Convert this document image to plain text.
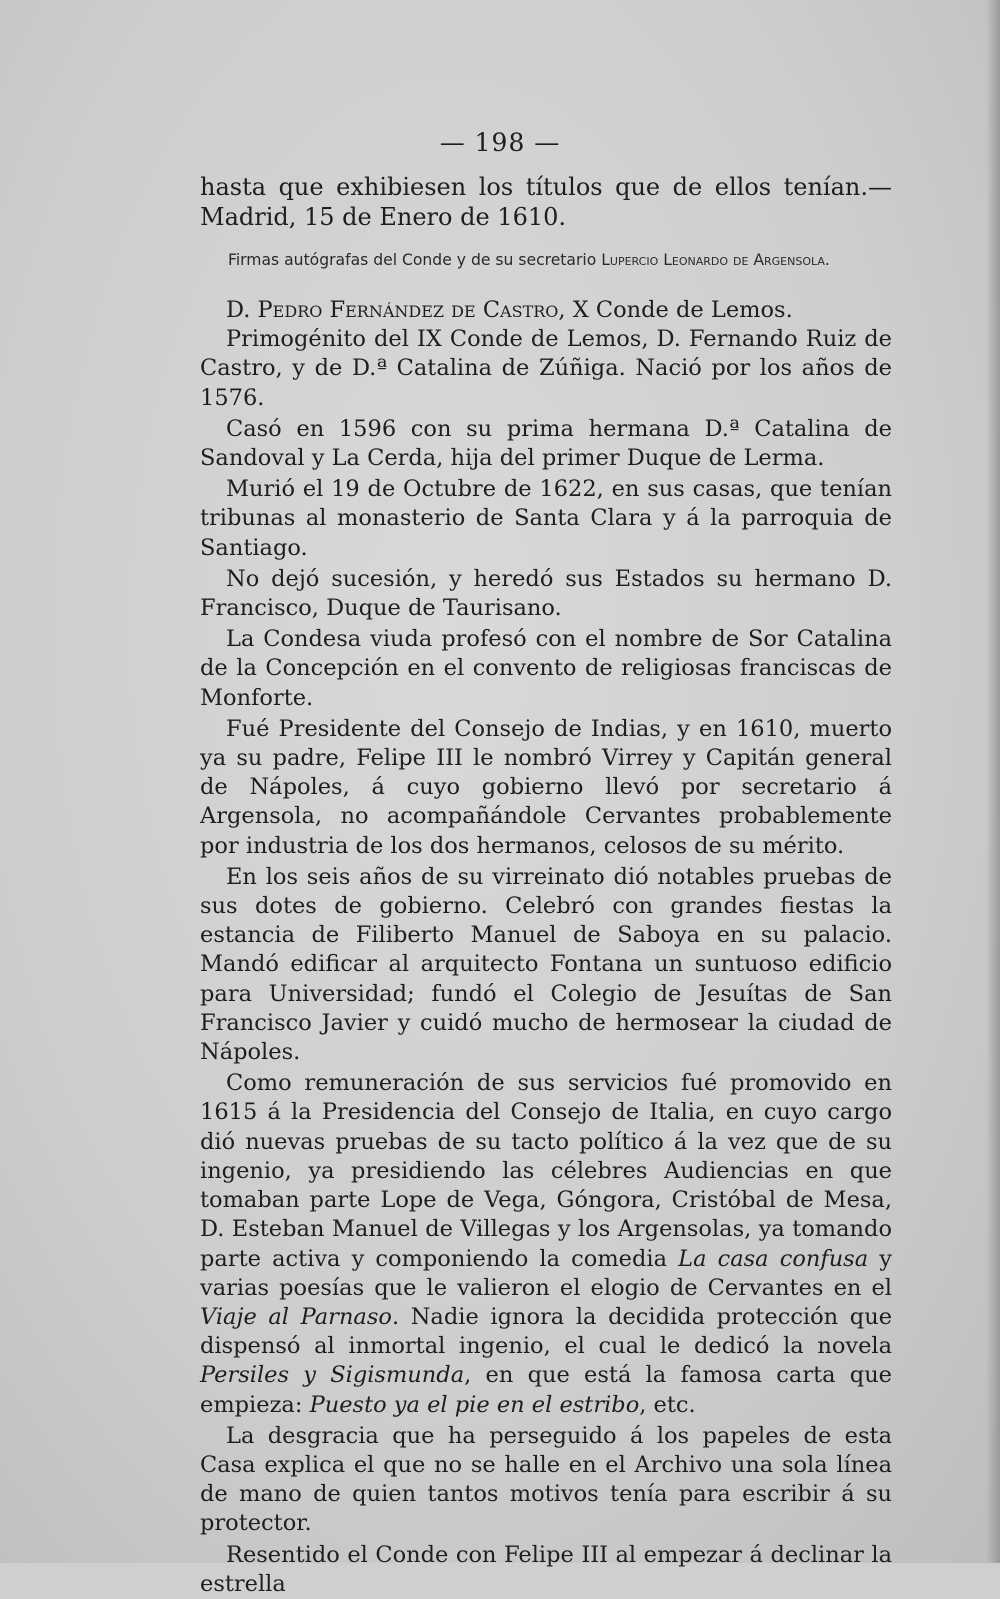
— 198 —

hasta que exhibiesen los títulos que de ellos tenían.— Madrid, 15 de Enero de 1610.

Firmas autógrafas del Conde y de su secretario Lupercio Leonardo de Argensola.

D. Pedro Fernández de Castro, X Conde de Lemos.

Primogénito del IX Conde de Lemos, D. Fernando Ruiz de Castro, y de D.ª Catalina de Zúñiga. Nació por los años de 1576.

Casó en 1596 con su prima hermana D.ª Catalina de Sandoval y La Cerda, hija del primer Duque de Lerma.

Murió el 19 de Octubre de 1622, en sus casas, que tenían tribunas al monasterio de Santa Clara y á la parroquia de Santiago.

No dejó sucesión, y heredó sus Estados su hermano D. Francisco, Duque de Taurisano.

La Condesa viuda profesó con el nombre de Sor Catalina de la Concepción en el convento de religiosas franciscas de Monforte.

Fué Presidente del Consejo de Indias, y en 1610, muerto ya su padre, Felipe III le nombró Virrey y Capitán general de Nápoles, á cuyo gobierno llevó por secretario á Argensola, no acompañándole Cervantes probablemente por industria de los dos hermanos, celosos de su mérito.

En los seis años de su virreinato dió notables pruebas de sus dotes de gobierno. Celebró con grandes fiestas la estancia de Filiberto Manuel de Saboya en su palacio. Mandó edificar al arquitecto Fontana un suntuoso edificio para Universidad; fundó el Colegio de Jesuítas de San Francisco Javier y cuidó mucho de hermosear la ciudad de Nápoles.

Como remuneración de sus servicios fué promovido en 1615 á la Presidencia del Consejo de Italia, en cuyo cargo dió nuevas pruebas de su tacto político á la vez que de su ingenio, ya presidiendo las célebres Audiencias en que tomaban parte Lope de Vega, Góngora, Cristóbal de Mesa, D. Esteban Manuel de Villegas y los Argensolas, ya tomando parte activa y componiendo la comedia La casa confusa y varias poesías que le valieron el elogio de Cervantes en el Viaje al Parnaso. Nadie ignora la decidida protección que dispensó al inmortal ingenio, el cual le dedicó la novela Persiles y Sigismunda, en que está la famosa carta que empieza: Puesto ya el pie en el estribo, etc.

La desgracia que ha perseguido á los papeles de esta Casa explica el que no se halle en el Archivo una sola línea de mano de quien tantos motivos tenía para escribir á su protector.

Resentido el Conde con Felipe III al empezar á declinar la estrella
